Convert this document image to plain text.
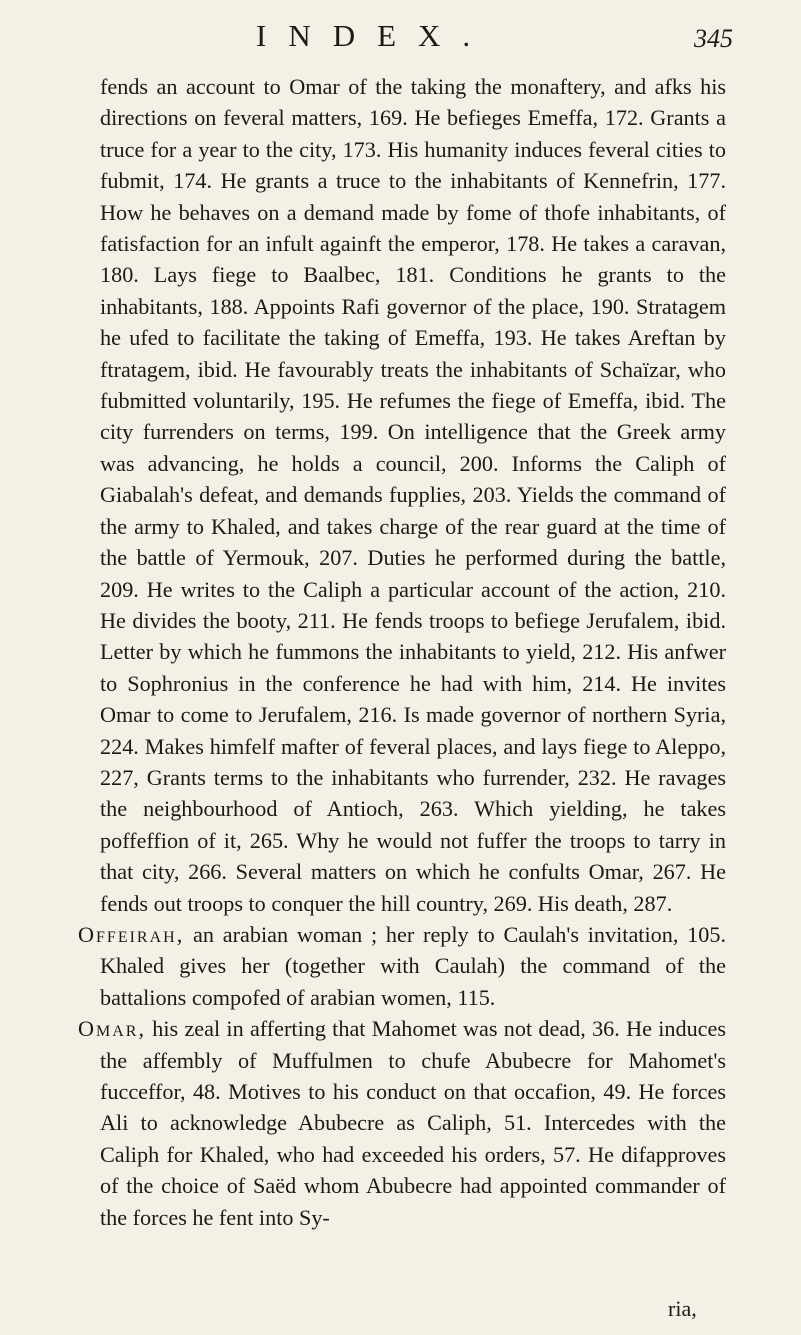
INDEX.	345

fends an account to Omar of the taking the monaftery, and afks his directions on feveral matters, 169. He befieges Emeffa, 172. Grants a truce for a year to the city, 173. His humanity induces feveral cities to fubmit, 174. He grants a truce to the inhabitants of Kennefrin, 177. How he behaves on a demand made by fome of thofe inhabitants, of fatisfaction for an infult againft the emperor, 178. He takes a caravan, 180. Lays fiege to Baalbec, 181. Conditions he grants to the inhabitants, 188. Appoints Rafi governor of the place, 190. Stratagem he ufed to facilitate the taking of Emeffa, 193. He takes Areftan by ftratagem, ibid. He favourably treats the inhabitants of Schaïzar, who fubmitted voluntarily, 195. He refumes the fiege of Emeffa, ibid. The city furrenders on terms, 199. On intelligence that the Greek army was advancing, he holds a council, 200. Informs the Caliph of Giabalah's defeat, and demands fupplies, 203. Yields the command of the army to Khaled, and takes charge of the rear guard at the time of the battle of Yermouk, 207. Duties he performed during the battle, 209. He writes to the Caliph a particular account of the action, 210. He divides the booty, 211. He fends troops to befiege Jerufalem, ibid. Letter by which he fummons the inhabitants to yield, 212. His anfwer to Sophronius in the conference he had with him, 214. He invites Omar to come to Jerufalem, 216. Is made governor of northern Syria, 224. Makes himfelf mafter of feveral places, and lays fiege to Aleppo, 227, Grants terms to the inhabitants who furrender, 232. He ravages the neighbourhood of Antioch, 263. Which yielding, he takes poffeffion of it, 265. Why he would not fuffer the troops to tarry in that city, 266. Several matters on which he confults Omar, 267. He fends out troops to conquer the hill country, 269. His death, 287.

Offeirah, an arabian woman ; her reply to Caulah's invitation, 105. Khaled gives her (together with Caulah) the command of the battalions compofed of arabian women, 115.

Omar, his zeal in afferting that Mahomet was not dead, 36. He induces the affembly of Muffulmen to chufe Abubecre for Mahomet's fucceffor, 48. Motives to his conduct on that occafion, 49. He forces Ali to acknowledge Abubecre as Caliph, 51. Intercedes with the Caliph for Khaled, who had exceeded his orders, 57. He difapproves of the choice of Saëd whom Abubecre had appointed commander of the forces he fent into Sy-

ria,
